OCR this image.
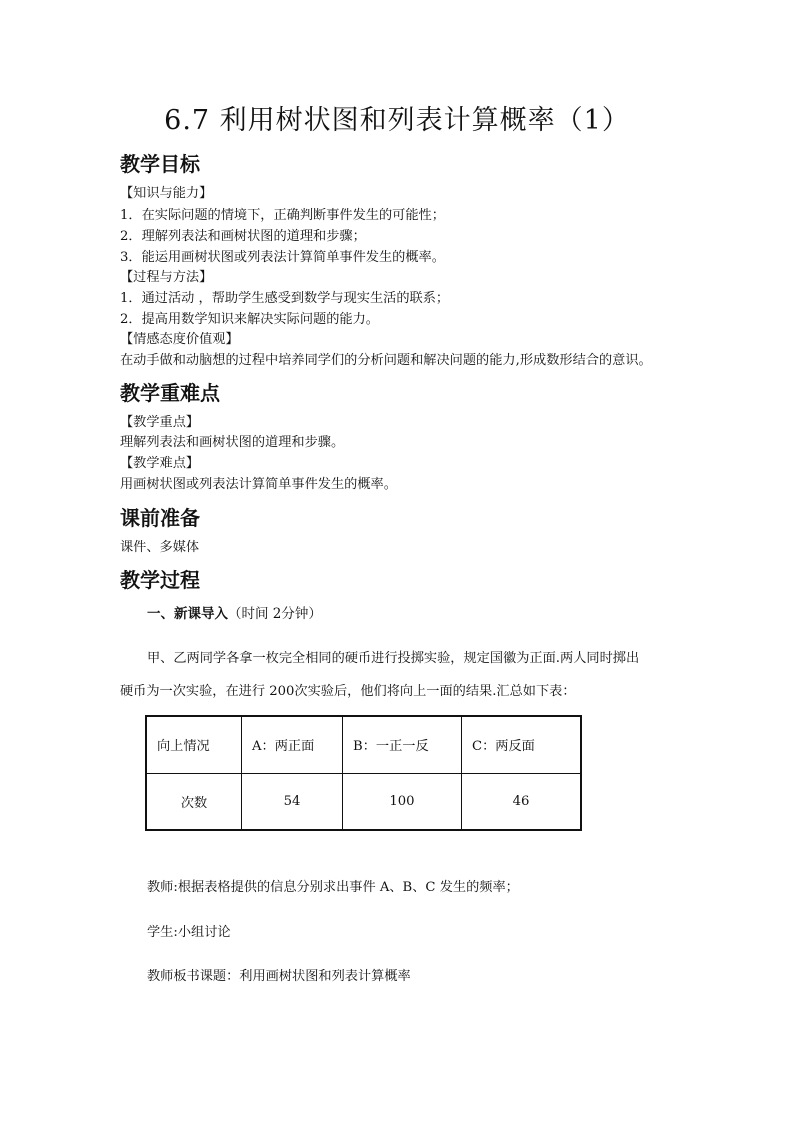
6.7 利用树状图和列表计算概率（1）
教学目标
【知识与能力】
1．在实际问题的情境下，正确判断事件发生的可能性；
2．理解列表法和画树状图的道理和步骤；
3．能运用画树状图或列表法计算简单事件发生的概率。
【过程与方法】
1．通过活动 ，帮助学生感受到数学与现实生活的联系；
2．提高用数学知识来解决实际问题的能力。
【情感态度价值观】
在动手做和动脑想的过程中培养同学们的分析问题和解决问题的能力,形成数形结合的意识。
教学重难点
【教学重点】
理解列表法和画树状图的道理和步骤。
【教学难点】
用画树状图或列表法计算简单事件发生的概率。
课前准备
课件、多媒体
教学过程
一、新课导入（时间 2分钟）
甲、乙两同学各拿一枚完全相同的硬币进行投掷实验，规定国徽为正面.两人同时掷出
硬币为一次实验，在进行 200次实验后，他们将向上一面的结果.汇总如下表：
向上情况	A：两正面	B：一正一反	C：两反面
次数	54	100	46
教师:根据表格提供的信息分别求出事件 A、B、C 发生的频率；
学生:小组讨论
教师板书课题：利用画树状图和列表计算概率
